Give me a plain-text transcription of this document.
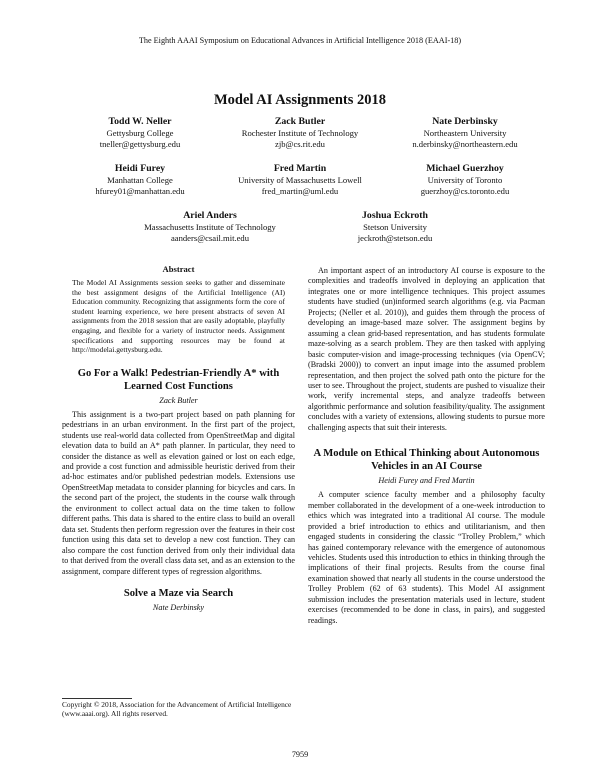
The Eighth AAAI Symposium on Educational Advances in Artificial Intelligence 2018 (EAAI-18)
Model AI Assignments 2018
Todd W. Neller
Gettysburg College
tneller@gettysburg.edu
Zack Butler
Rochester Institute of Technology
zjb@cs.rit.edu
Nate Derbinsky
Northeastern University
n.derbinsky@northeastern.edu
Heidi Furey
Manhattan College
hfurey01@manhattan.edu
Fred Martin
University of Massachusetts Lowell
fred_martin@uml.edu
Michael Guerzhoy
University of Toronto
guerzhoy@cs.toronto.edu
Ariel Anders
Massachusetts Institute of Technology
aanders@csail.mit.edu
Joshua Eckroth
Stetson University
jeckroth@stetson.edu
Abstract
The Model AI Assignments session seeks to gather and disseminate the best assignment designs of the Artificial Intelligence (AI) Education community. Recognizing that assignments form the core of student learning experience, we here present abstracts of seven AI assignments from the 2018 session that are easily adoptable, playfully engaging, and flexible for a variety of instructor needs. Assignment specifications and supporting resources may be found at http://modelai.gettysburg.edu.
Go For a Walk! Pedestrian-Friendly A* with Learned Cost Functions
Zack Butler

This assignment is a two-part project based on path planning for pedestrians in an urban environment. In the first part of the project, students use real-world data collected from OpenStreetMap and digital elevation data to build an A* path planner. In particular, they need to consider the distance as well as elevation gained or lost on each edge, and provide a cost function and admissible heuristic derived from their ad-hoc estimates and/or published pedestrian models. Extensions use OpenStreetMap metadata to consider planning for bicycles and cars. In the second part of the project, the students in the course walk through the environment to collect actual data on the time taken to follow different paths. This data is shared to the entire class to build an overall data set. Students then perform regression over the features in their cost function using this data set to develop a new cost function. They can also compare the cost function derived from only their individual data to that derived from the overall class data set, and as an extension to the assignment, compare different types of regression algorithms.

Solve a Maze via Search
Nate Derbinsky
Copyright © 2018, Association for the Advancement of Artificial Intelligence (www.aaai.org). All rights reserved.

An important aspect of an introductory AI course is exposure to the complexities and tradeoffs involved in deploying an application that integrates one or more intelligence techniques. This project assumes students have studied (un)informed search algorithms (e.g. via Pacman Projects; (Neller et al. 2010)), and guides them through the process of developing an image-based maze solver. The assignment begins by assuming a clean grid-based representation, and has students formulate maze-solving as a search problem. They are then tasked with applying basic computer-vision and image-processing techniques (via OpenCV; (Bradski 2000)) to convert an input image into the assumed problem representation, and then project the solved path onto the picture for the user to see. Throughout the project, students are pushed to visualize their work, verify incremental steps, and analyze tradeoffs between algorithmic performance and solution feasibility/quality. The assignment concludes with a variety of extensions, allowing students to pursue more challenging aspects that suit their interests.

A Module on Ethical Thinking about Autonomous Vehicles in an AI Course
Heidi Furey and Fred Martin

A computer science faculty member and a philosophy faculty member collaborated in the development of a one-week introduction to ethics which was integrated into a traditional AI course. The module provided a brief introduction to ethics and utilitarianism, and then engaged students in considering the classic “Trolley Problem,” which has gained contemporary relevance with the emergence of autonomous vehicles. Students used this introduction to ethics in thinking through the implications of their final projects. Results from the course final examination showed that nearly all students in the course understood the Trolley Problem (62 of 63 students). This Model AI assignment submission includes the presentation materials used in lecture, student exercises (recommended to be done in class, in pairs), and suggested readings.

7959
